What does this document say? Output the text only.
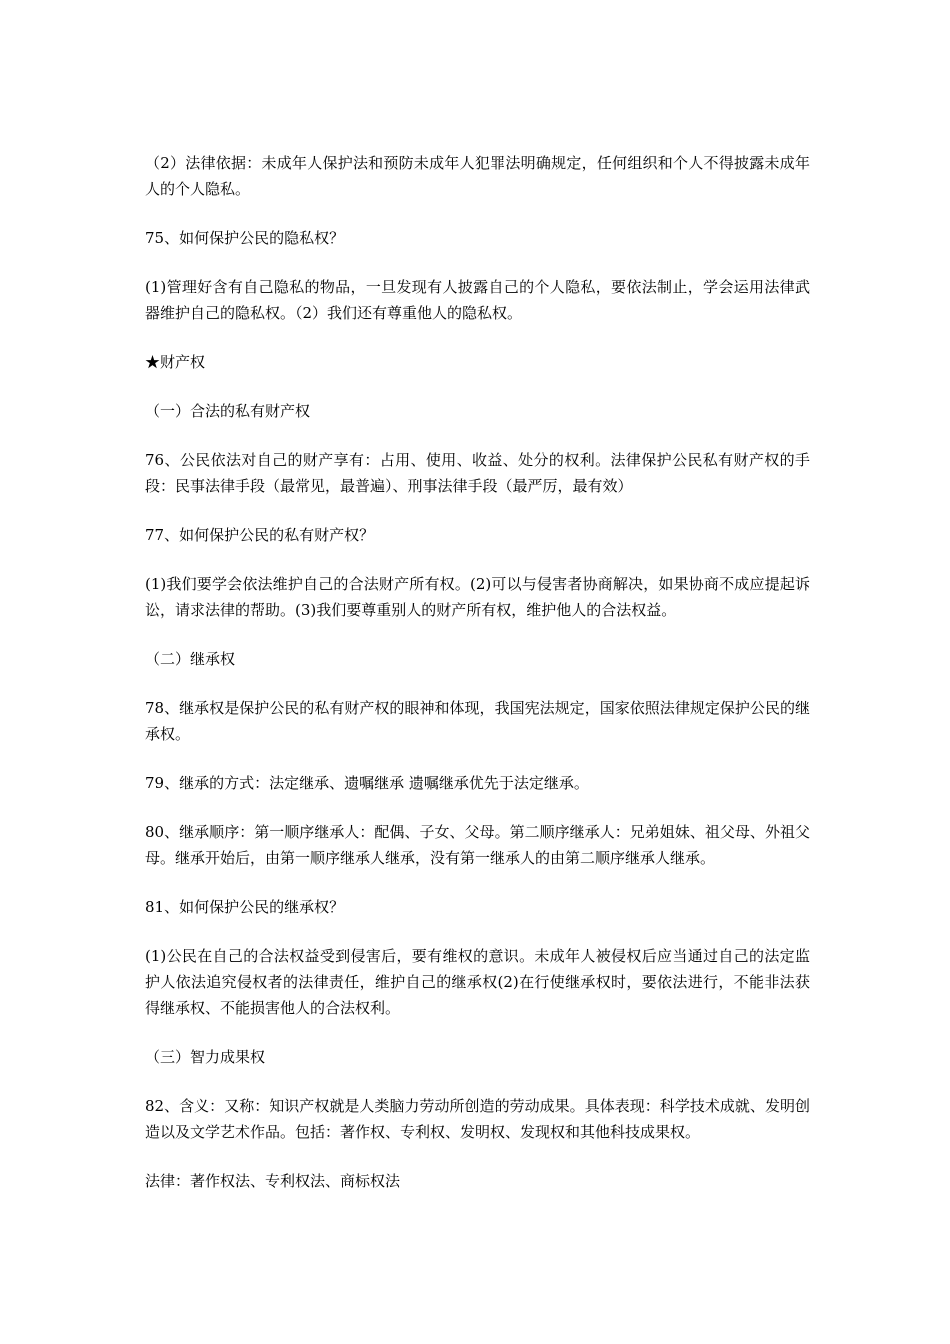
（2）法律依据：未成年人保护法和预防未成年人犯罪法明确规定，任何组织和个人不得披露未成年人的个人隐私。

75、如何保护公民的隐私权？

(1)管理好含有自己隐私的物品，一旦发现有人披露自己的个人隐私，要依法制止，学会运用法律武器维护自己的隐私权。（2）我们还有尊重他人的隐私权。

★财产权

（一）合法的私有财产权

76、公民依法对自己的财产享有：占用、使用、收益、处分的权利。法律保护公民私有财产权的手段：民事法律手段（最常见，最普遍）、刑事法律手段（最严厉，最有效）

77、如何保护公民的私有财产权？

(1)我们要学会依法维护自己的合法财产所有权。(2)可以与侵害者协商解决，如果协商不成应提起诉讼，请求法律的帮助。(3)我们要尊重别人的财产所有权，维护他人的合法权益。

（二）继承权

78、继承权是保护公民的私有财产权的眼神和体现，我国宪法规定，国家依照法律规定保护公民的继承权。

79、继承的方式：法定继承、遗嘱继承 遗嘱继承优先于法定继承。

80、继承顺序：第一顺序继承人：配偶、子女、父母。第二顺序继承人：兄弟姐妹、祖父母、外祖父母。继承开始后，由第一顺序继承人继承，没有第一继承人的由第二顺序继承人继承。

81、如何保护公民的继承权？

(1)公民在自己的合法权益受到侵害后，要有维权的意识。未成年人被侵权后应当通过自己的法定监护人依法追究侵权者的法律责任，维护自己的继承权(2)在行使继承权时，要依法进行，不能非法获得继承权、不能损害他人的合法权利。

（三）智力成果权

82、含义：又称：知识产权就是人类脑力劳动所创造的劳动成果。具体表现：科学技术成就、发明创造以及文学艺术作品。包括：著作权、专利权、发明权、发现权和其他科技成果权。

法律：著作权法、专利权法、商标权法
